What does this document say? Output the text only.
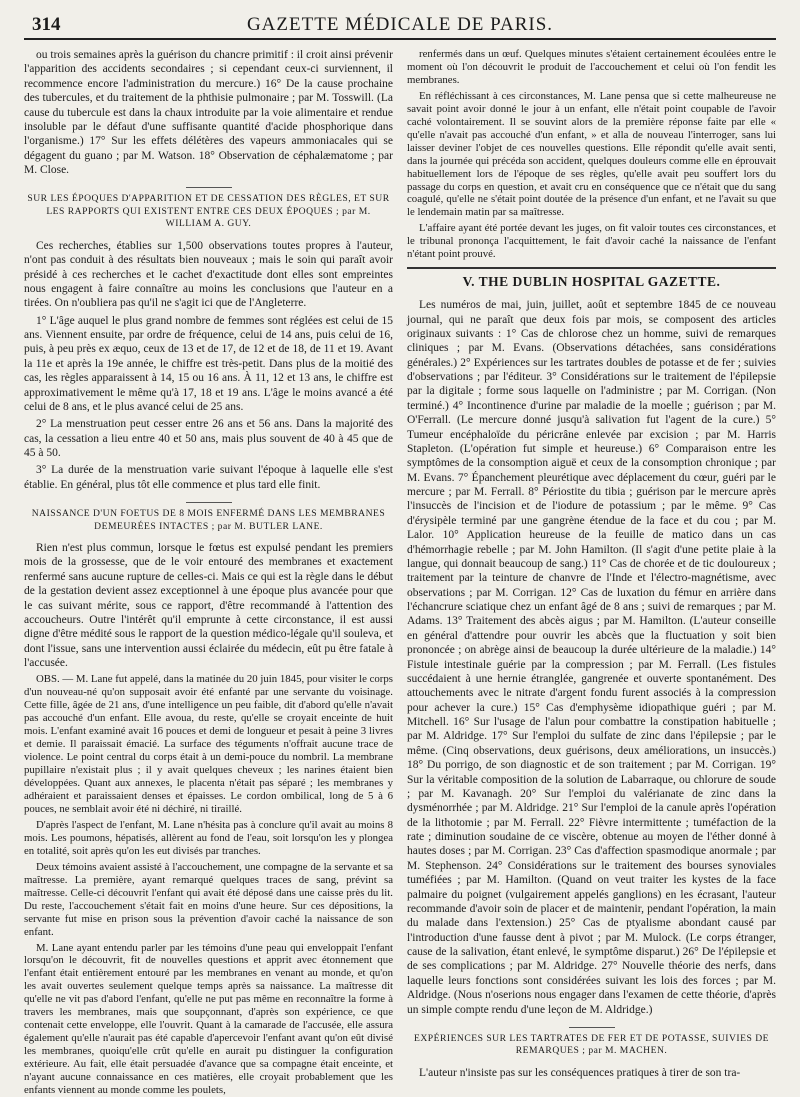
314	GAZETTE MÉDICALE DE PARIS.

ou trois semaines après la guérison du chancre primitif : il croit ainsi prévenir l'apparition des accidents secondaires ; si cependant ceux-ci surviennent, il recommence encore l'administration du mercure.) 16° De la cause prochaine des tubercules, et du traitement de la phthisie pulmonaire ; par M. Tosswill. (La cause du tubercule est dans la chaux introduite par la voie alimentaire et rendue insoluble par le défaut d'une suffisante quantité d'acide phosphorique dans l'organisme.) 17° Sur les effets délétères des vapeurs ammoniacales qui se dégagent du guano ; par M. Watson. 18° Observation de céphalæmatome ; par M. Close.

SUR LES ÉPOQUES D'APPARITION ET DE CESSATION DES RÈGLES, ET SUR LES RAPPORTS QUI EXISTENT ENTRE CES DEUX ÉPOQUES ; par M. WILLIAM A. GUY.

Ces recherches, établies sur 1,500 observations toutes propres à l'auteur, n'ont pas conduit à des résultats bien nouveaux ; mais le soin qui paraît avoir présidé à ces recherches et le cachet d'exactitude dont elles sont empreintes nous engagent à faire connaître au moins les conclusions que l'auteur en a tirées. On n'oubliera pas qu'il ne s'agit ici que de l'Angleterre.

1° L'âge auquel le plus grand nombre de femmes sont réglées est celui de 15 ans. Viennent ensuite, par ordre de fréquence, celui de 14 ans, puis celui de 16, puis, à peu près ex æquo, ceux de 13 et de 17, de 12 et de 18, de 11 et 19. Avant la 11e et après la 19e année, le chiffre est très-petit. Dans plus de la moitié des cas, les règles apparaissent à 14, 15 ou 16 ans. À 11, 12 et 13 ans, le chiffre est approximativement le même qu'à 17, 18 et 19 ans. L'âge le moins avancé a été celui de 8 ans, et le plus avancé celui de 25 ans.

2° La menstruation peut cesser entre 26 ans et 56 ans. Dans la majorité des cas, la cessation a lieu entre 40 et 50 ans, mais plus souvent de 40 à 45 que de 45 à 50.

3° La durée de la menstruation varie suivant l'époque à laquelle elle s'est établie. En général, plus tôt elle commence et plus tard elle finit.

NAISSANCE D'UN FOETUS DE 8 MOIS ENFERMÉ DANS LES MEMBRANES DEMEURÉES INTACTES ; par M. BUTLER LANE.

Rien n'est plus commun, lorsque le fœtus est expulsé pendant les premiers mois de la grossesse, que de le voir entouré des membranes et exactement renfermé sans aucune rupture de celles-ci. Mais ce qui est la règle dans le début de la gestation devient assez exceptionnel à une époque plus avancée pour que le cas suivant mérite, sous ce rapport, d'être recommandé à l'attention des accoucheurs. Outre l'intérêt qu'il emprunte à cette circonstance, il est aussi digne d'être médité sous le rapport de la question médico-légale qu'il souleva, et dont l'issue, sans une intervention aussi éclairée du médecin, eût pu être fatale à l'accusée.

OBS. — M. Lane fut appelé, dans la matinée du 20 juin 1845, pour visiter le corps d'un nouveau-né qu'on supposait avoir été enfanté par une servante du voisinage. Cette fille, âgée de 21 ans, d'une intelligence un peu faible, dit d'abord qu'elle n'avait pas accouché d'un enfant. Elle avoua, du reste, qu'elle se croyait enceinte de huit mois. L'enfant examiné avait 16 pouces et demi de longueur et pesait à peine 3 livres et demie. Il paraissait émacié. La surface des téguments n'offrait aucune trace de violence. Le point central du corps était à un demi-pouce du nombril. La membrane pupillaire n'existait plus ; il y avait quelques cheveux ; les narines étaient bien développées. Quant aux annexes, le placenta n'était pas séparé ; les membranes y adhéraient et paraissaient denses et épaisses. Le cordon ombilical, long de 5 à 6 pouces, ne semblait avoir été ni déchiré, ni tiraillé.

D'après l'aspect de l'enfant, M. Lane n'hésita pas à conclure qu'il avait au moins 8 mois. Les poumons, hépatisés, allèrent au fond de l'eau, soit lorsqu'on les y plongea en totalité, soit après qu'on les eut divisés par tranches.

Deux témoins avaient assisté à l'accouchement, une compagne de la servante et sa maîtresse. La première, ayant remarqué quelques traces de sang, prévint sa maîtresse. Celle-ci découvrit l'enfant qui avait été déposé dans une caisse près du lit. Du reste, l'accouchement s'était fait en moins d'une heure. Sur ces dépositions, la servante fut mise en prison sous la prévention d'avoir caché la naissance de son enfant.

M. Lane ayant entendu parler par les témoins d'une peau qui enveloppait l'enfant lorsqu'on le découvrit, fit de nouvelles questions et apprit avec étonnement que l'enfant était entièrement entouré par les membranes en venant au monde, et qu'on les avait ouvertes seulement quelque temps après sa naissance. La maîtresse dit qu'elle ne vit pas d'abord l'enfant, qu'elle ne put pas même en reconnaître la forme à travers les membranes, mais que soupçonnant, d'après son expérience, ce que contenait cette enveloppe, elle l'ouvrit. Quant à la camarade de l'accusée, elle assura également qu'elle n'aurait pas été capable d'apercevoir l'enfant avant qu'on eût divisé les membranes, quoiqu'elle crût qu'elle en aurait pu distinguer la configuration extérieure. Au fait, elle était persuadée d'avance que sa compagne était enceinte, et n'ayant aucune connaissance en ces matières, elle croyait probablement que les enfants viennent au monde comme les poulets,

renfermés dans un œuf. Quelques minutes s'étaient certainement écoulées entre le moment où l'on découvrit le produit de l'accouchement et celui où l'on fendit les membranes.

En réfléchissant à ces circonstances, M. Lane pensa que si cette malheureuse ne savait point avoir donné le jour à un enfant, elle n'était point coupable de l'avoir caché volontairement. Il se souvint alors de la première réponse faite par elle « qu'elle n'avait pas accouché d'un enfant, » et alla de nouveau l'interroger, sans lui laisser deviner l'objet de ces nouvelles questions. Elle répondit qu'elle avait senti, dans la journée qui précéda son accident, quelques douleurs comme elle en éprouvait habituellement lors de l'époque de ses règles, qu'elle avait peu souffert lors du passage du corps en question, et avait cru en conséquence que ce n'était que du sang coagulé, qu'elle ne s'était point doutée de la présence d'un enfant, et ne l'avait su que le lendemain matin par sa maîtresse.

L'affaire ayant été portée devant les juges, on fit valoir toutes ces circonstances, et le tribunal prononça l'acquittement, le fait d'avoir caché la naissance de l'enfant n'étant point prouvé.

V. THE DUBLIN HOSPITAL GAZETTE.

Les numéros de mai, juin, juillet, août et septembre 1845 de ce nouveau journal, qui ne paraît que deux fois par mois, se composent des articles originaux suivants : 1° Cas de chlorose chez un homme, suivi de remarques cliniques ; par M. Evans. (Observations détachées, sans considérations générales.) 2° Expériences sur les tartrates doubles de potasse et de fer ; suivies d'observations ; par l'éditeur. 3° Considérations sur le traitement de l'épilepsie par la digitale ; forme sous laquelle on l'administre ; par M. Corrigan. (Non terminé.) 4° Incontinence d'urine par maladie de la moelle ; guérison ; par M. O'Ferrall. (Le mercure donné jusqu'à salivation fut l'agent de la cure.) 5° Tumeur encéphaloïde du péricrâne enlevée par excision ; par M. Harris Stapleton. (L'opération fut simple et heureuse.) 6° Comparaison entre les symptômes de la consomption aiguë et ceux de la consomption chronique ; par M. Evans. 7° Épanchement pleurétique avec déplacement du cœur, guéri par le mercure ; par M. Ferrall. 8° Périostite du tibia ; guérison par le mercure après l'insuccès de l'incision et de l'iodure de potassium ; par le même. 9° Cas d'érysipèle terminé par une gangrène étendue de la face et du cou ; par M. Lalor. 10° Application heureuse de la feuille de matico dans un cas d'hémorrhagie rebelle ; par M. John Hamilton. (Il s'agit d'une petite plaie à la langue, qui donnait beaucoup de sang.) 11° Cas de chorée et de tic douloureux ; traitement par la teinture de chanvre de l'Inde et l'électro-magnétisme, avec observations ; par M. Corrigan. 12° Cas de luxation du fémur en arrière dans l'échancrure sciatique chez un enfant âgé de 8 ans ; suivi de remarques ; par M. Adams. 13° Traitement des abcès aigus ; par M. Hamilton. (L'auteur conseille en général d'attendre pour ouvrir les abcès que la fluctuation y soit bien prononcée ; on abrège ainsi de beaucoup la durée ultérieure de la maladie.) 14° Fistule intestinale guérie par la compression ; par M. Ferrall. (Les fistules succédaient à une hernie étranglée, gangrenée et ouverte spontanément. Des attouchements avec le nitrate d'argent fondu furent associés à la compression pour achever la cure.) 15° Cas d'emphysème idiopathique guéri ; par M. Mitchell. 16° Sur l'usage de l'alun pour combattre la constipation habituelle ; par M. Aldridge. 17° Sur l'emploi du sulfate de zinc dans l'épilepsie ; par le même. (Cinq observations, deux guérisons, deux améliorations, un insuccès.) 18° Du porrigo, de son diagnostic et de son traitement ; par M. Corrigan. 19° Sur la véritable composition de la solution de Labarraque, ou chlorure de soude ; par M. Kavanagh. 20° Sur l'emploi du valérianate de zinc dans la dysménorrhée ; par M. Aldridge. 21° Sur l'emploi de la canule après l'opération de la lithotomie ; par M. Ferrall. 22° Fièvre intermittente ; tuméfaction de la rate ; diminution soudaine de ce viscère, obtenue au moyen de l'éther donné à hautes doses ; par M. Corrigan. 23° Cas d'affection spasmodique anormale ; par M. Stephenson. 24° Considérations sur le traitement des bourses synoviales tuméfiées ; par M. Hamilton. (Quand on veut traiter les kystes de la face palmaire du poignet (vulgairement appelés ganglions) en les écrasant, l'auteur recommande d'avoir soin de placer et de maintenir, pendant l'opération, la main du malade dans l'extension.) 25° Cas de ptyalisme abondant causé par l'introduction d'une fausse dent à pivot ; par M. Mulock. (Le corps étranger, cause de la salivation, étant enlevé, le symptôme disparut.) 26° De l'épilepsie et de ses complications ; par M. Aldridge. 27° Nouvelle théorie des nerfs, dans laquelle leurs fonctions sont considérées suivant les lois des forces ; par M. Aldridge. (Nous n'oserions nous engager dans l'examen de cette théorie, d'après un simple compte rendu d'une leçon de M. Aldridge.)

EXPÉRIENCES SUR LES TARTRATES DE FER ET DE POTASSE, SUIVIES DE REMARQUES ; par M. MACHEN.

L'auteur n'insiste pas sur les conséquences pratiques à tirer de son tra-
